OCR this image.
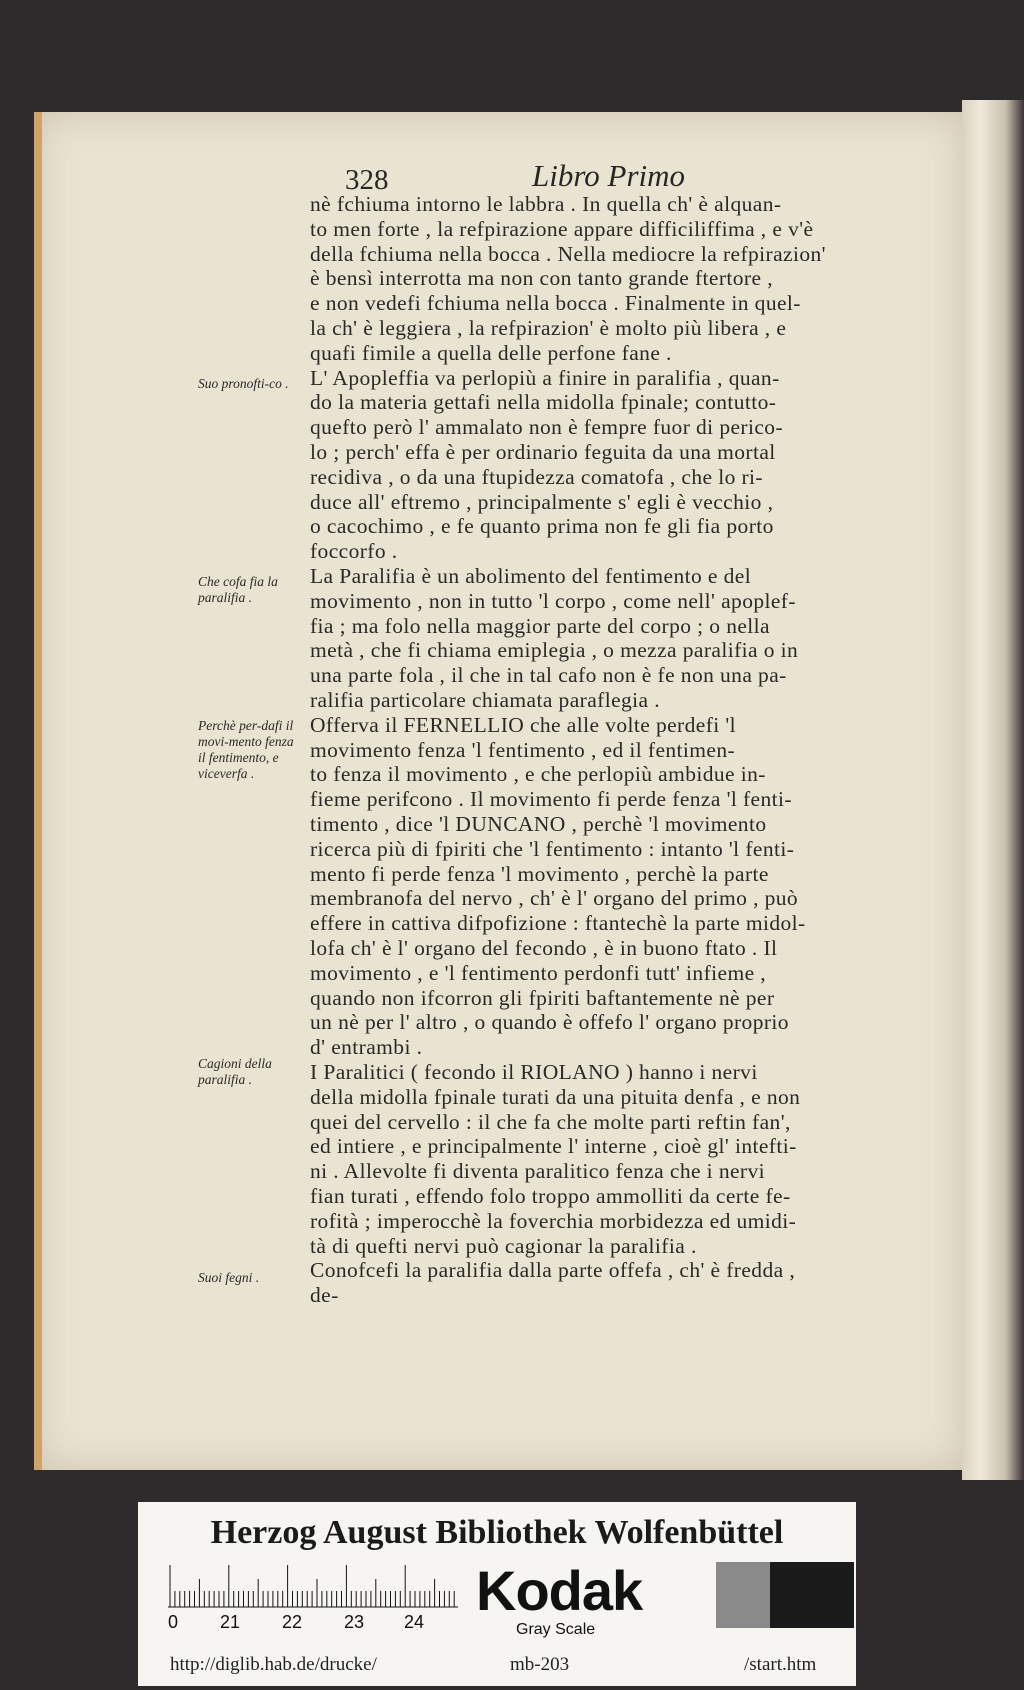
328	Libro Primo
nè fchiuma intorno le labbra . In quella ch' è alquan-
to men forte , la refpirazione appare difficiliffima , e v'è
della fchiuma nella bocca . Nella mediocre la refpirazion'
è bensì interrotta ma non con tanto grande ftertore ,
e non vedefi fchiuma nella bocca . Finalmente in quel-
la ch' è leggiera , la refpirazion' è molto più libera , e
quafi fimile a quella delle perfone fane .
L' Apopleffia va perlopiù a finire in paralifia , quan-
do la materia gettafi nella midolla fpinale; contutto-
quefto però l' ammalato non è fempre fuor di perico-
lo ; perch' effa è per ordinario feguita da una mortal
recidiva , o da una ftupidezza comatofa , che lo ri-
duce all' eftremo , principalmente s' egli è vecchio ,
o cacochimo , e fe quanto prima non fe gli fia porto
foccorfo .
La Paralifia è un abolimento del fentimento e del
movimento , non in tutto 'l corpo , come nell' apoplef-
fia ; ma folo nella maggior parte del corpo ; o nella
metà , che fi chiama emiplegia , o mezza paralifia o in
una parte fola , il che in tal cafo non è fe non una pa-
ralifia particolare chiamata paraflegia .
Offerva il FERNELLIO che alle volte perdefi 'l
movimento fenza 'l fentimento , ed il fentimen-
to fenza il movimento , e che perlopiù ambidue in-
fieme perifcono . Il movimento fi perde fenza 'l fenti-
timento , dice 'l DUNCANO , perchè 'l movimento
ricerca più di fpiriti che 'l fentimento : intanto 'l fenti-
mento fi perde fenza 'l movimento , perchè la parte
membranofa del nervo , ch' è l' organo del primo , può
effere in cattiva difpofizione : ftantechè la parte midol-
lofa ch' è l' organo del fecondo , è in buono ftato . Il
movimento , e 'l fentimento perdonfi tutt' infieme ,
quando non ifcorron gli fpiriti baftantemente nè per
un nè per l' altro , o quando è offefo l' organo proprio
d' entrambi .
I Paralitici ( fecondo il RIOLANO ) hanno i nervi
della midolla fpinale turati da una pituita denfa , e non
quei del cervello : il che fa che molte parti reftin fan',
ed intiere , e principalmente l' interne , cioè gl' intefti-
ni . Allevolte fi diventa paralitico fenza che i nervi
fian turati , effendo folo troppo ammolliti da certe fe-
rofità ; imperocchè la foverchia morbidezza ed umidi-
tà di quefti nervi può cagionar la paralifia .
Conofcefi la paralifia dalla parte offefa , ch' è fredda ,
de-
Suo pronofti-co .
Che cofa fia la paralifia .
Perchè per-dafi il movi-mento fenza il fentimento, e viceverfa .
Cagioni della paralifia .
Suoi fegni .
Herzog August Bibliothek Wolfenbüttel
0 21 22 23 24 Kodak
Gray Scale
http://diglib.hab.de/drucke/	mb-203	/start.htm
